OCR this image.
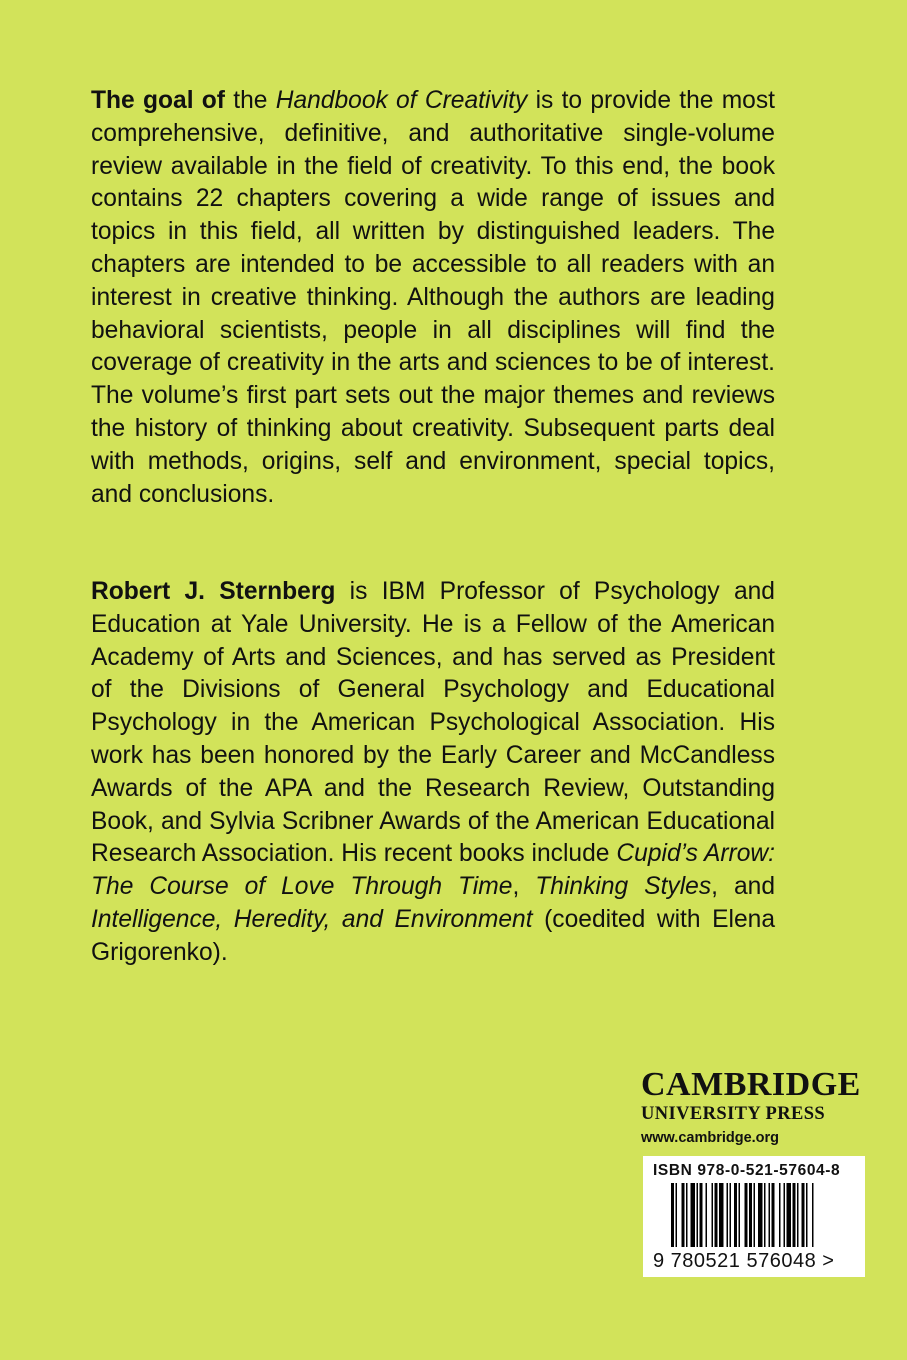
The goal of the Handbook of Creativity is to provide the most comprehensive, definitive, and authoritative single-volume review available in the field of creativity. To this end, the book contains 22 chapters covering a wide range of issues and topics in this field, all written by distinguished leaders. The chapters are intended to be accessible to all readers with an interest in creative thinking. Although the authors are leading behavioral scientists, people in all disciplines will find the coverage of creativity in the arts and sciences to be of interest. The volume’s first part sets out the major themes and reviews the history of thinking about creativity. Subsequent parts deal with methods, origins, self and environment, special topics, and conclusions.
Robert J. Sternberg is IBM Professor of Psychology and Education at Yale University. He is a Fellow of the American Academy of Arts and Sciences, and has served as President of the Divisions of General Psychology and Educational Psychology in the American Psychological Association. His work has been honored by the Early Career and McCandless Awards of the APA and the Research Review, Outstanding Book, and Sylvia Scribner Awards of the American Educational Research Association. His recent books include Cupid’s Arrow: The Course of Love Through Time, Thinking Styles, and Intelligence, Heredity, and Environment (coedited with Elena Grigorenko).
CAMBRIDGE
UNIVERSITY PRESS
www.cambridge.org
ISBN 978-0-521-57604-8
9 780521 576048 >
